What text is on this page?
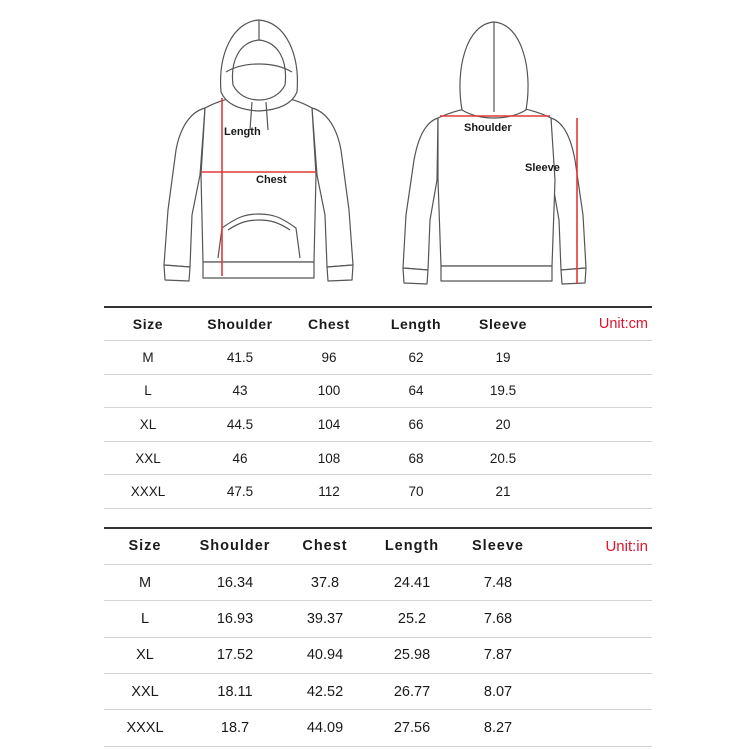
Length
Chest
Shoulder
Sleeve
Size	Shoulder	Chest	Length	Sleeve	Unit:cm
M	41.5	96	62	19	
L	43	100	64	19.5	
XL	44.5	104	66	20	
XXL	46	108	68	20.5	
XXXL	47.5	112	70	21	
Size	Shoulder	Chest	Length	Sleeve	Unit:in
M	16.34	37.8	24.41	7.48	
L	16.93	39.37	25.2	7.68	
XL	17.52	40.94	25.98	7.87	
XXL	18.11	42.52	26.77	8.07	
XXXL	18.7	44.09	27.56	8.27	
